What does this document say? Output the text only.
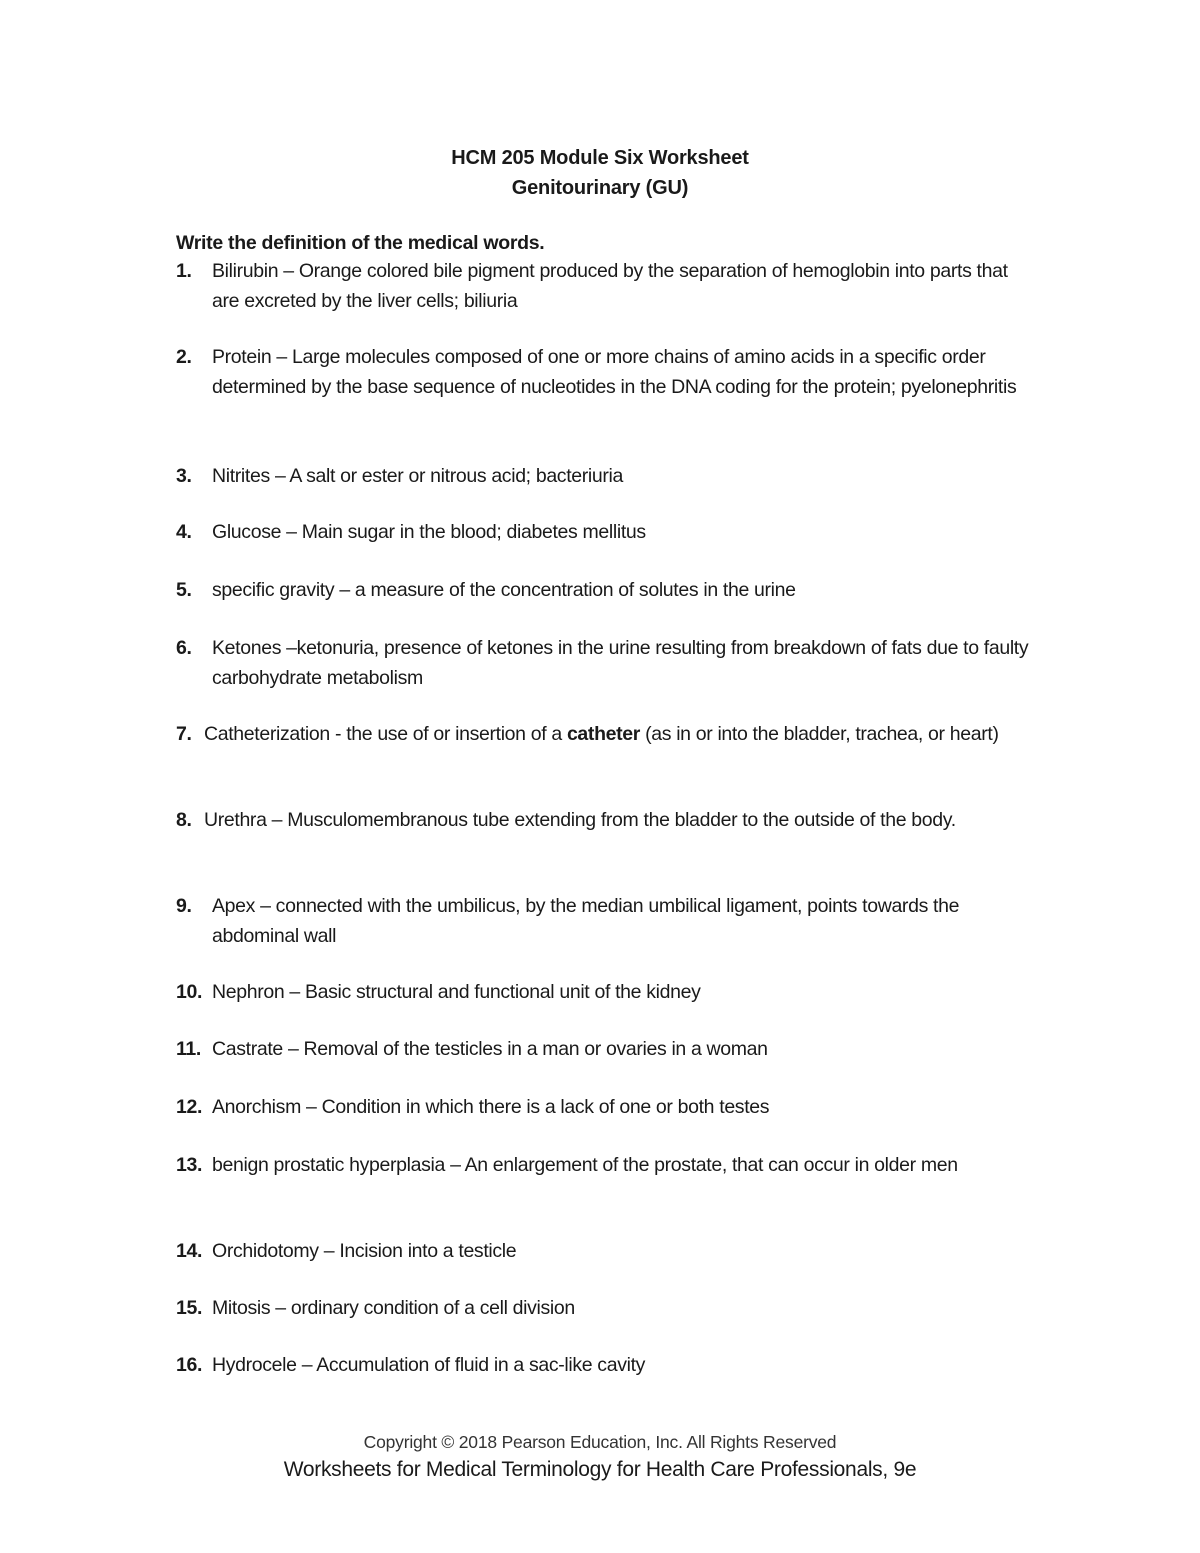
HCM 205 Module Six Worksheet
Genitourinary (GU)
Write the definition of the medical words.
1. Bilirubin – Orange colored bile pigment produced by the separation of hemoglobin into parts that are excreted by the liver cells; biliuria
2. Protein – Large molecules composed of one or more chains of amino acids in a specific order determined by the base sequence of nucleotides in the DNA coding for the protein; pyelonephritis
3. Nitrites – A salt or ester or nitrous acid; bacteriuria
4. Glucose – Main sugar in the blood; diabetes mellitus
5. specific gravity – a measure of the concentration of solutes in the urine
6. Ketones –ketonuria, presence of ketones in the urine resulting from breakdown of fats due to faulty carbohydrate metabolism
7. Catheterization - the use of or insertion of a catheter (as in or into the bladder, trachea, or heart)
8. Urethra – Musculomembranous tube extending from the bladder to the outside of the body.
9. Apex – connected with the umbilicus, by the median umbilical ligament, points towards the abdominal wall
10. Nephron – Basic structural and functional unit of the kidney
11. Castrate – Removal of the testicles in a man or ovaries in a woman
12. Anorchism – Condition in which there is a lack of one or both testes
13. benign prostatic hyperplasia – An enlargement of the prostate, that can occur in older men
14. Orchidotomy – Incision into a testicle
15. Mitosis – ordinary condition of a cell division
16. Hydrocele – Accumulation of fluid in a sac-like cavity
Copyright © 2018 Pearson Education, Inc. All Rights Reserved
Worksheets for Medical Terminology for Health Care Professionals, 9e
